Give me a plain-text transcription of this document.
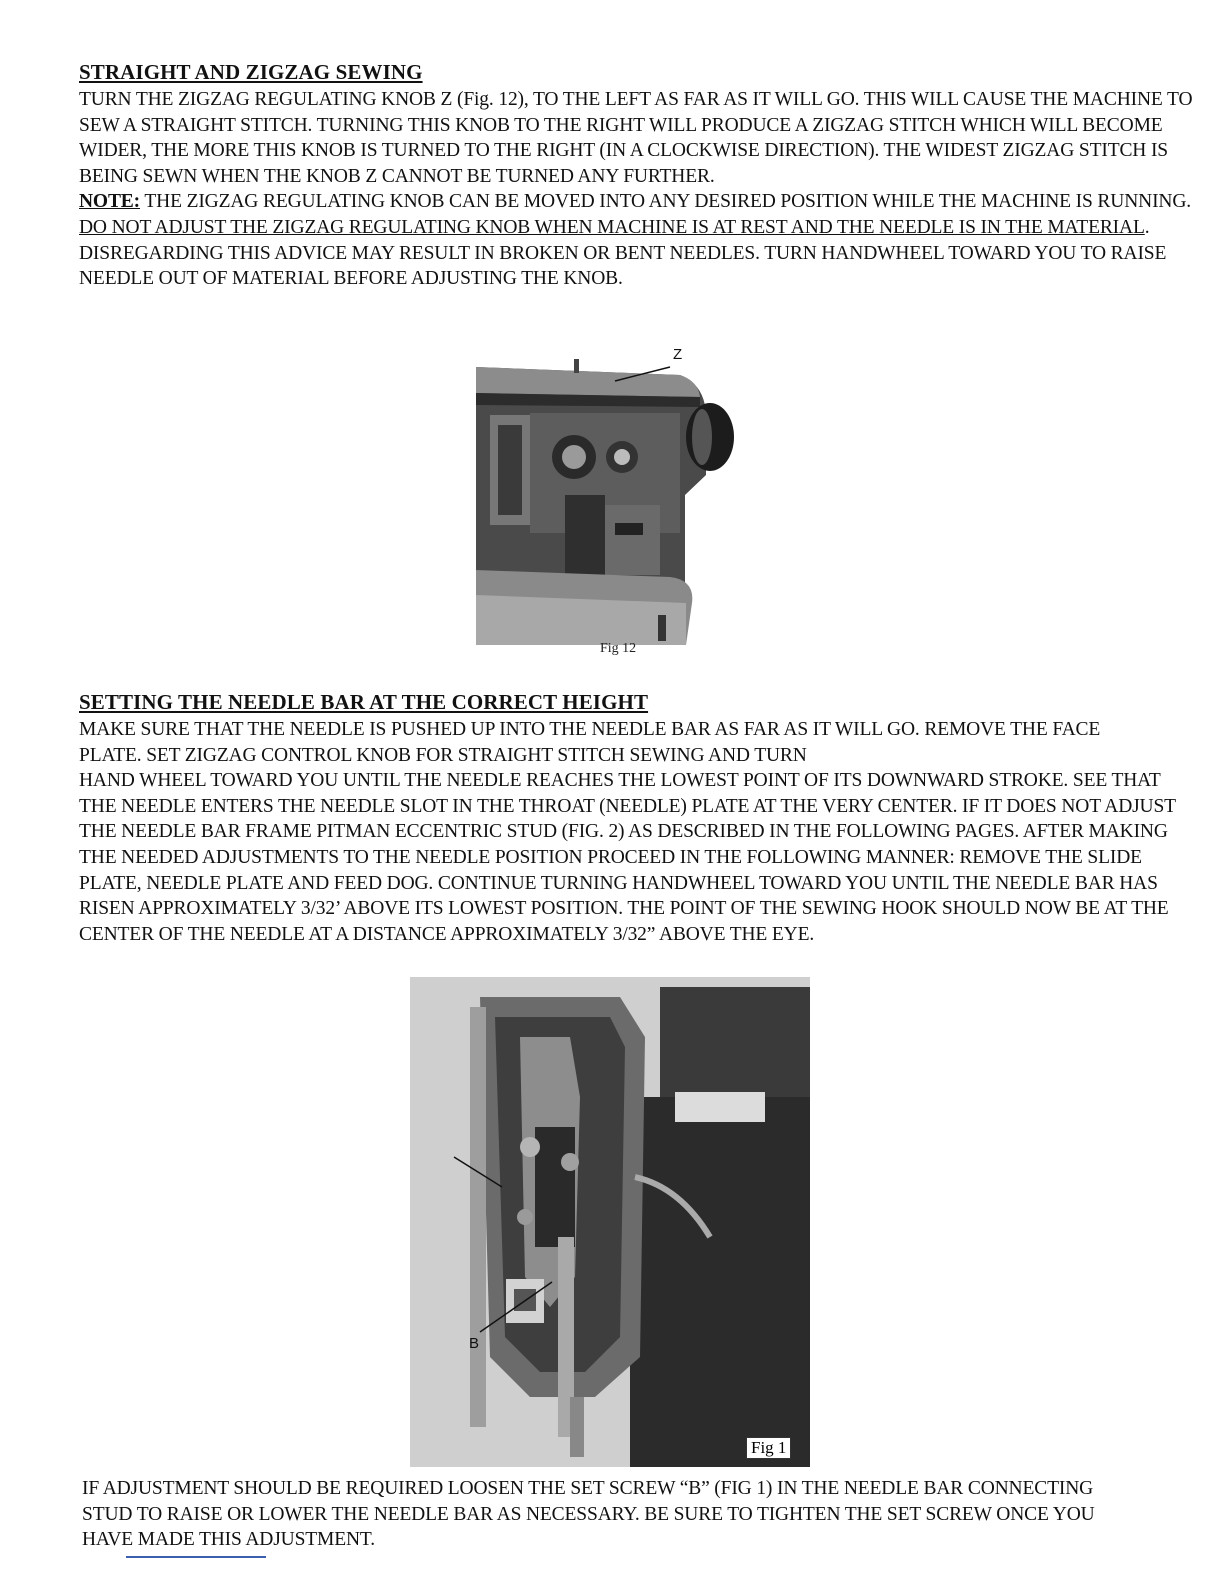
STRAIGHT AND ZIGZAG SEWING

TURN THE ZIGZAG REGULATING KNOB Z (Fig. 12), TO THE LEFT AS FAR AS IT WILL GO. THIS WILL CAUSE THE MACHINE TO SEW A STRAIGHT STITCH. TURNING THIS KNOB TO THE RIGHT WILL PRODUCE A ZIGZAG STITCH WHICH WILL BECOME WIDER, THE MORE THIS KNOB IS TURNED TO THE RIGHT (IN A CLOCKWISE DIRECTION). THE WIDEST ZIGZAG STITCH IS BEING SEWN WHEN THE KNOB Z CANNOT BE TURNED ANY FURTHER.

NOTE: THE ZIGZAG REGULATING KNOB CAN BE MOVED INTO ANY DESIRED POSITION WHILE THE MACHINE IS RUNNING. DO NOT ADJUST THE ZIGZAG REGULATING KNOB WHEN MACHINE IS AT REST AND THE NEEDLE IS IN THE MATERIAL. DISREGARDING THIS ADVICE MAY RESULT IN BROKEN OR BENT NEEDLES. TURN HANDWHEEL TOWARD YOU TO RAISE NEEDLE OUT OF MATERIAL BEFORE ADJUSTING THE KNOB.

Z
Fig 12
SETTING THE NEEDLE BAR AT THE CORRECT HEIGHT

MAKE SURE THAT THE NEEDLE IS PUSHED UP INTO THE NEEDLE BAR AS FAR AS IT WILL GO. REMOVE THE FACE PLATE. SET ZIGZAG CONTROL KNOB FOR STRAIGHT STITCH SEWING AND TURN

HAND WHEEL TOWARD YOU UNTIL THE NEEDLE REACHES THE LOWEST POINT OF ITS DOWNWARD STROKE. SEE THAT THE NEEDLE ENTERS THE NEEDLE SLOT IN THE THROAT (NEEDLE) PLATE AT THE VERY CENTER. IF IT DOES NOT ADJUST THE NEEDLE BAR FRAME PITMAN ECCENTRIC STUD (FIG. 2) AS DESCRIBED IN THE FOLLOWING PAGES. AFTER MAKING THE NEEDED ADJUSTMENTS TO THE NEEDLE POSITION PROCEED IN THE FOLLOWING MANNER: REMOVE THE SLIDE PLATE, NEEDLE PLATE AND FEED DOG. CONTINUE TURNING HANDWHEEL TOWARD YOU UNTIL THE NEEDLE BAR HAS RISEN APPROXIMATELY 3/32’ ABOVE ITS LOWEST POSITION. THE POINT OF THE SEWING HOOK SHOULD NOW BE AT THE CENTER OF THE NEEDLE AT A DISTANCE APPROXIMATELY 3/32” ABOVE THE EYE.

B
Fig 1

IF ADJUSTMENT SHOULD BE REQUIRED LOOSEN THE SET SCREW “B” (FIG 1) IN THE NEEDLE BAR CONNECTING STUD TO RAISE OR LOWER THE NEEDLE BAR AS NECESSARY. BE SURE TO TIGHTEN THE SET SCREW ONCE YOU HAVE MADE THIS ADJUSTMENT.
